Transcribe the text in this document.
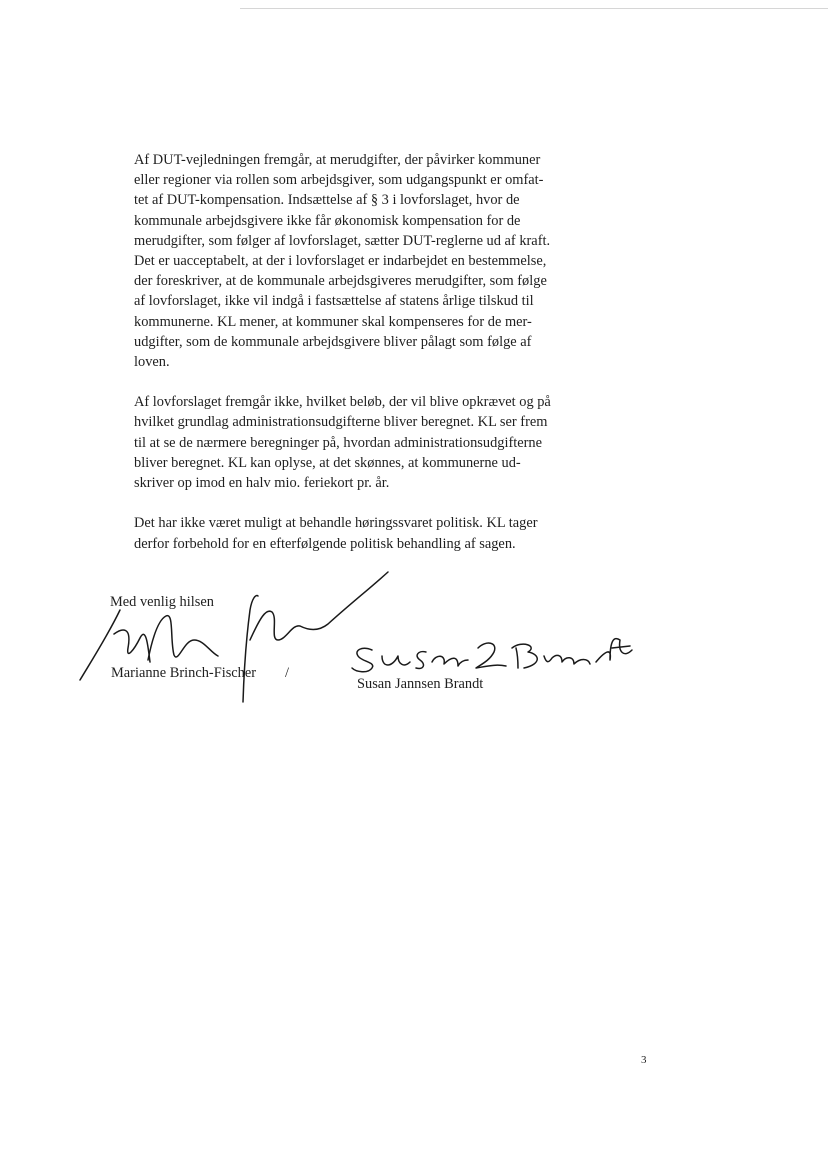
Af DUT-vejledningen fremgår, at merudgifter, der påvirker kommuner
eller regioner via rollen som arbejdsgiver, som udgangspunkt er omfat-
tet af DUT-kompensation. Indsættelse af § 3 i lovforslaget, hvor de
kommunale arbejdsgivere ikke får økonomisk kompensation for de
merudgifter, som følger af lovforslaget, sætter DUT-reglerne ud af kraft.
Det er uacceptabelt, at der i lovforslaget er indarbejdet en bestemmelse,
der foreskriver, at de kommunale arbejdsgiveres merudgifter, som følge
af lovforslaget, ikke vil indgå i fastsættelse af statens årlige tilskud til
kommunerne. KL mener, at kommuner skal kompenseres for de mer-
udgifter, som de kommunale arbejdsgivere bliver pålagt som følge af
loven.
Af lovforslaget fremgår ikke, hvilket beløb, der vil blive opkrævet og på
hvilket grundlag administrationsudgifterne bliver beregnet. KL ser frem
til at se de nærmere beregninger på, hvordan administrationsudgifterne
bliver beregnet. KL kan oplyse, at det skønnes, at kommunerne ud-
skriver op imod en halv mio. feriekort pr. år.
Det har ikke været muligt at behandle høringssvaret politisk. KL tager
derfor forbehold for en efterfølgende politisk behandling af sagen.
Med venlig hilsen
Marianne Brinch-Fischer /
Susan Jannsen Brandt
3
